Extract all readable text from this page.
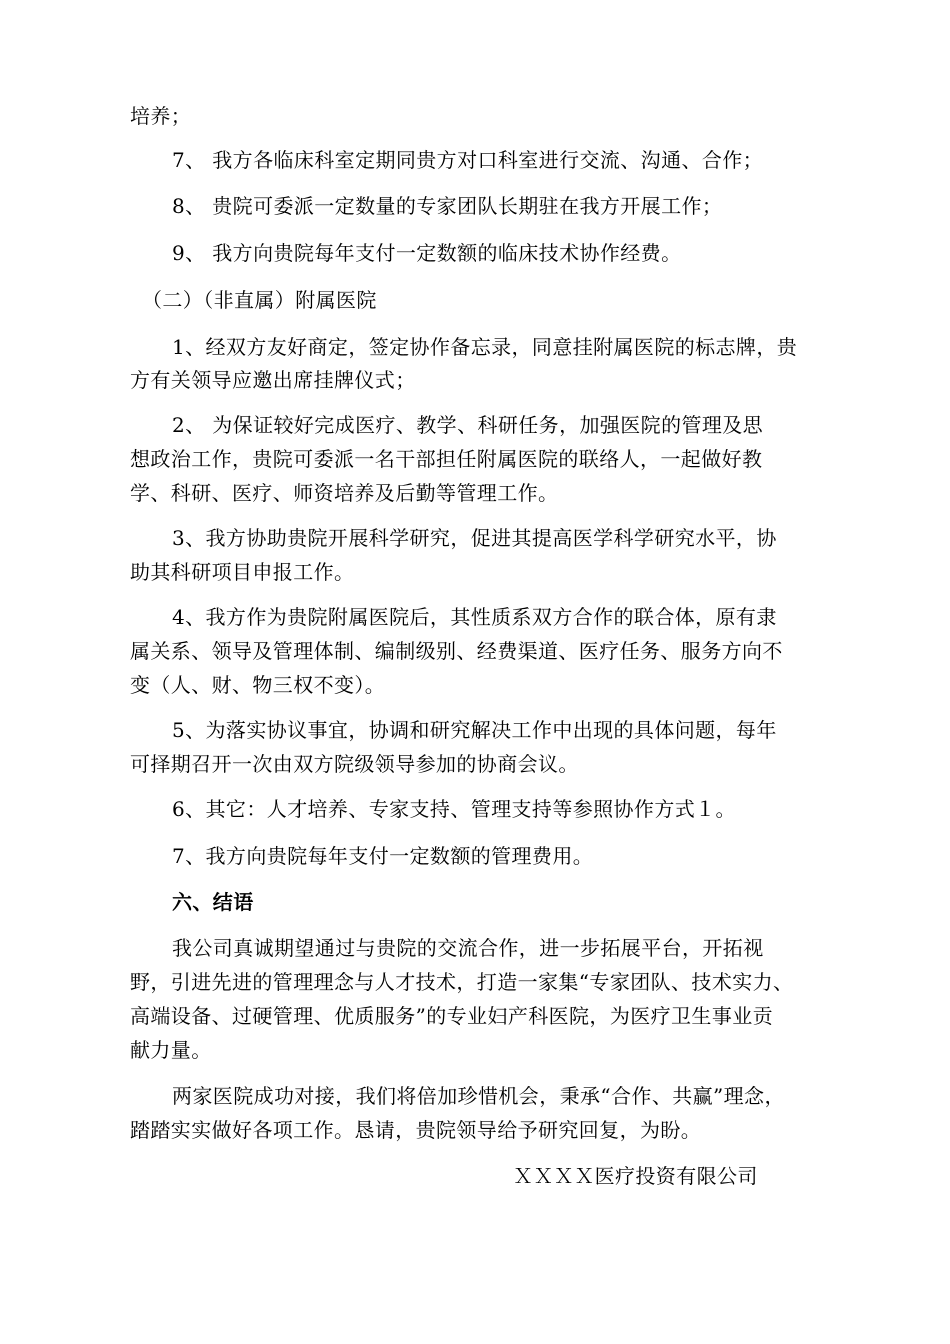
培养；
7、 我方各临床科室定期同贵方对口科室进行交流、沟通、合作；
8、 贵院可委派一定数量的专家团队长期驻在我方开展工作；
9、 我方向贵院每年支付一定数额的临床技术协作经费。
（二）（非直属）附属医院
1、经双方友好商定，签定协作备忘录，同意挂附属医院的标志牌，贵
方有关领导应邀出席挂牌仪式；
2、 为保证较好完成医疗、教学、科研任务，加强医院的管理及思
想政治工作，贵院可委派一名干部担任附属医院的联络人，一起做好教
学、科研、医疗、师资培养及后勤等管理工作。
3、我方协助贵院开展科学研究，促进其提高医学科学研究水平，协
助其科研项目申报工作。
4、我方作为贵院附属医院后，其性质系双方合作的联合体，原有隶
属关系、领导及管理体制、编制级别、经费渠道、医疗任务、服务方向不
变（人、财、物三权不变）。
5、为落实协议事宜，协调和研究解决工作中出现的具体问题，每年
可择期召开一次由双方院级领导参加的协商会议。
6、其它：人才培养、专家支持、管理支持等参照协作方式１。
7、我方向贵院每年支付一定数额的管理费用。
六、结语
我公司真诚期望通过与贵院的交流合作，进一步拓展平台，开拓视
野，引进先进的管理理念与人才技术，打造一家集“专家团队、技术实力、
高端设备、过硬管理、优质服务”的专业妇产科医院，为医疗卫生事业贡
献力量。
两家医院成功对接，我们将倍加珍惜机会，秉承“合作、共赢”理念，
踏踏实实做好各项工作。恳请，贵院领导给予研究回复，为盼。
ＸＸＸＸ医疗投资有限公司
